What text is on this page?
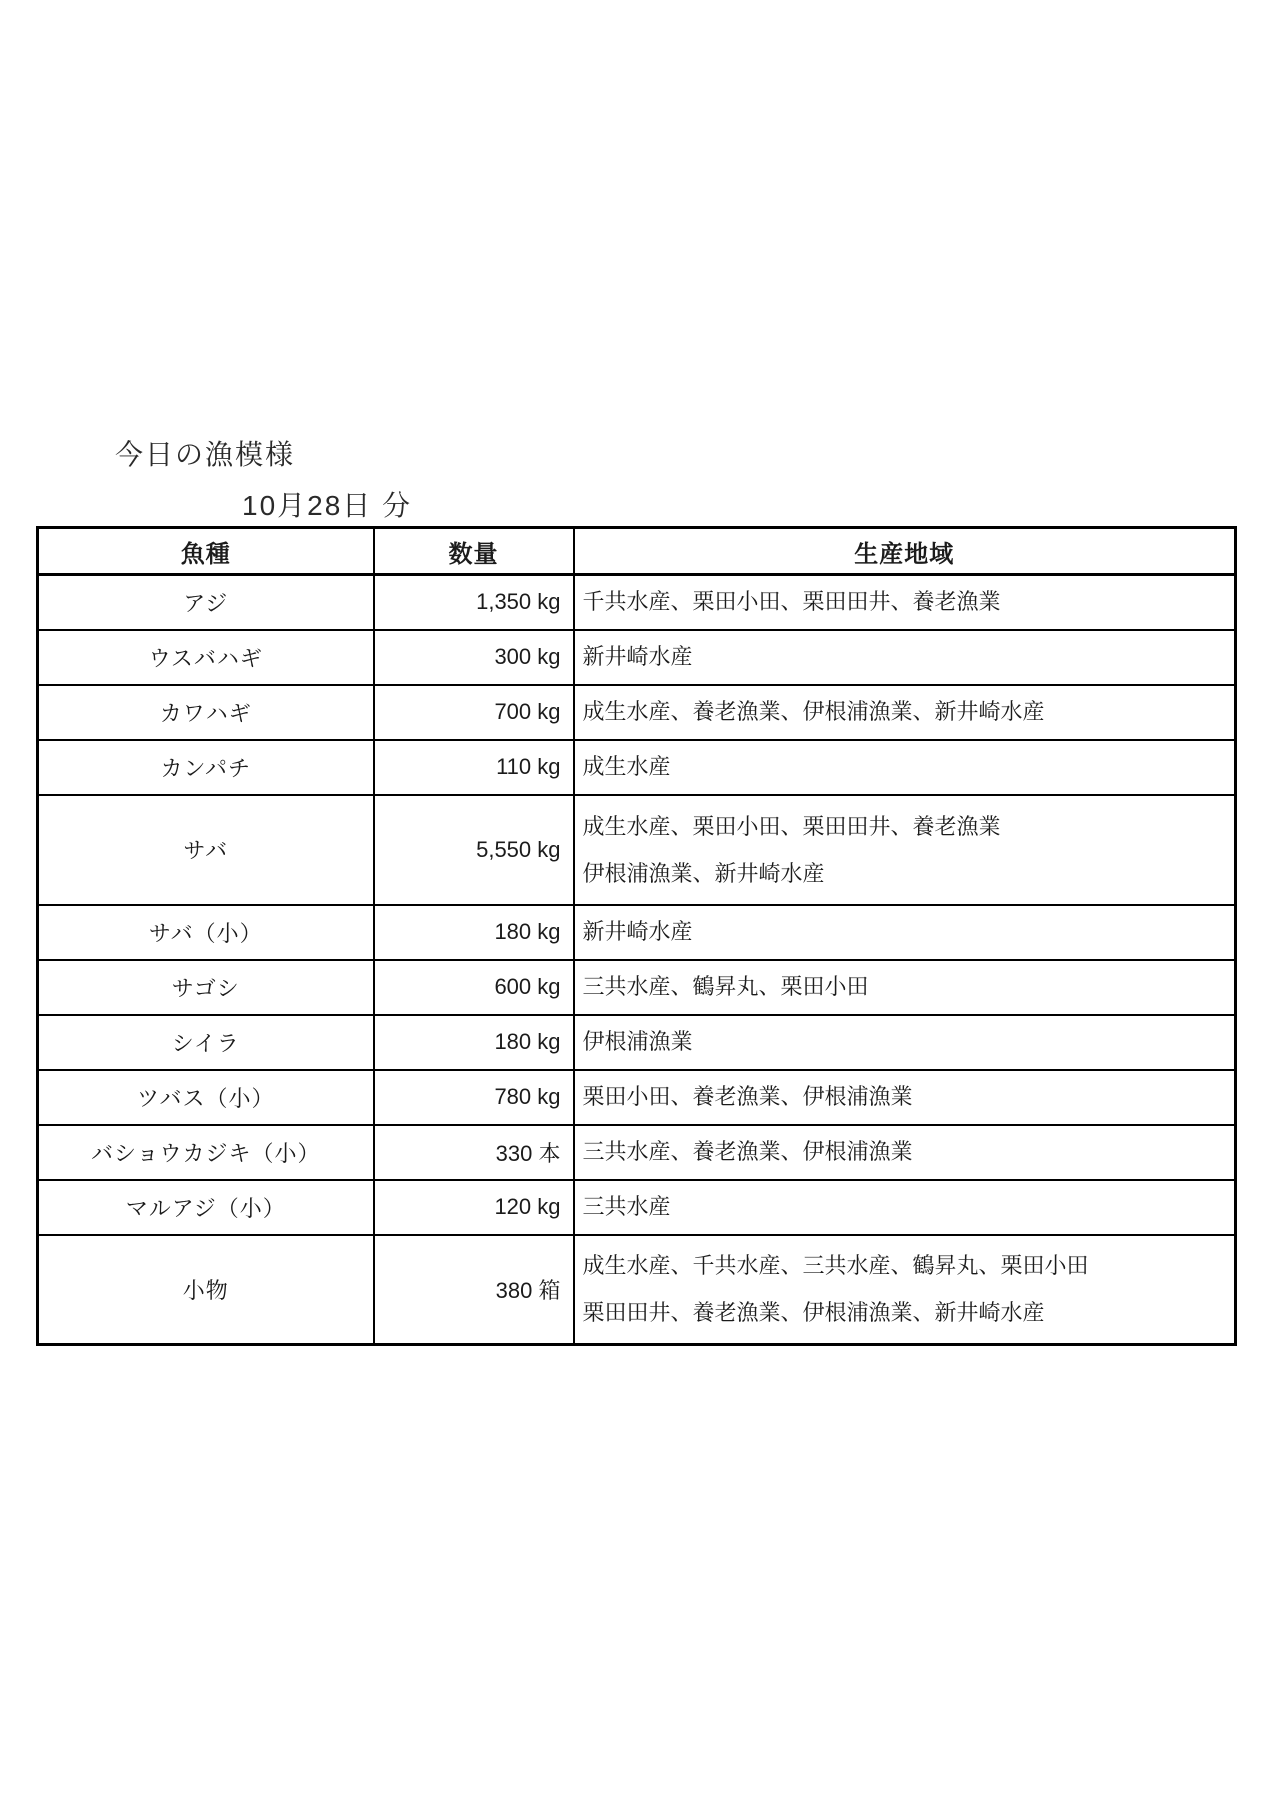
今日の漁模様
10月28日 分
魚種	数量	生産地域
アジ	1,350 kg	千共水産、栗田小田、栗田田井、養老漁業

ウスバハギ	300 kg	新井崎水産

カワハギ	700 kg	成生水産、養老漁業、伊根浦漁業、新井崎水産

カンパチ	110 kg	成生水産

サバ	5,550 kg	成生水産、栗田小田、栗田田井、養老漁業
伊根浦漁業、新井崎水産

サバ（小）	180 kg	新井崎水産

サゴシ	600 kg	三共水産、鶴昇丸、栗田小田

シイラ	180 kg	伊根浦漁業

ツバス（小）	780 kg	栗田小田、養老漁業、伊根浦漁業

バショウカジキ（小）	330 本	三共水産、養老漁業、伊根浦漁業

マルアジ（小）	120 kg	三共水産

小物	380 箱	成生水産、千共水産、三共水産、鶴昇丸、栗田小田
栗田田井、養老漁業、伊根浦漁業、新井崎水産
